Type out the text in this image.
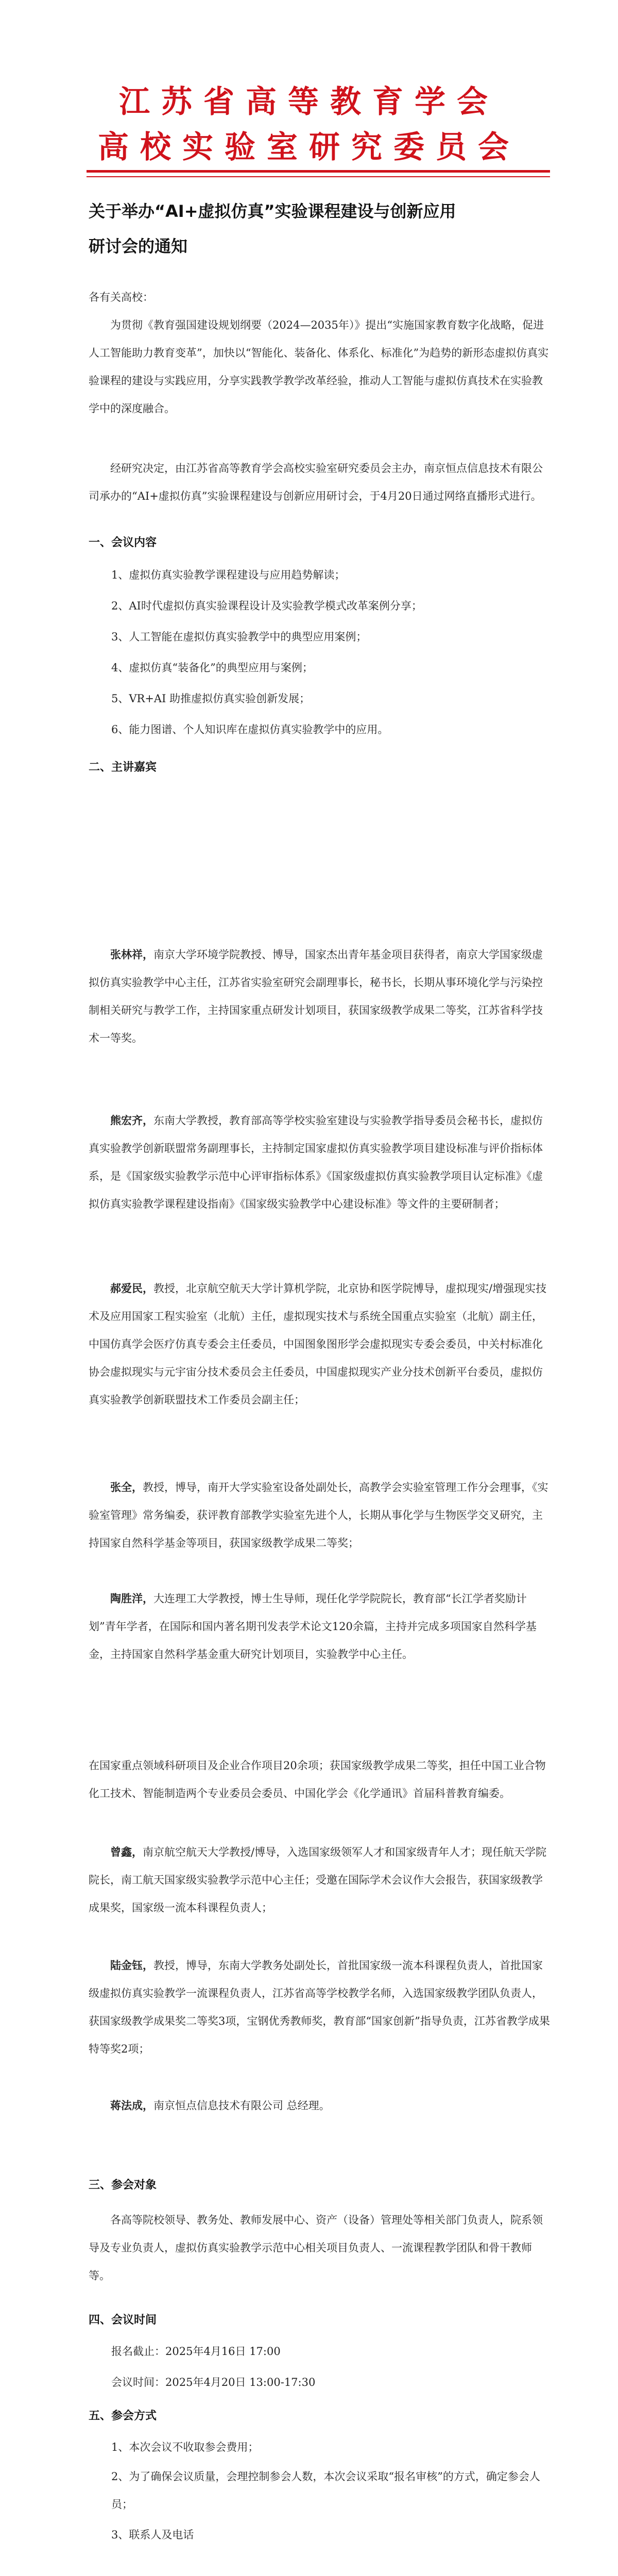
江苏省高等教育学会
高校实验室研究委员会
关于举办“AI+虚拟仿真”实验课程建设与创新应用
研讨会的通知
各有关高校：
为贯彻《教育强国建设规划纲要（2024—2035年）》提出“实施国家教育数字化战略，促进人工智能助力教育变革”，加快以“智能化、装备化、体系化、标准化”为趋势的新形态虚拟仿真实验课程的建设与实践应用，分享实践教学教学改革经验，推动人工智能与虚拟仿真技术在实验教学中的深度融合。
经研究决定，由江苏省高等教育学会高校实验室研究委员会主办，南京恒点信息技术有限公司承办的“AI+虚拟仿真”实验课程建设与创新应用研讨会，于4月20日通过网络直播形式进行。
一、会议内容
1、虚拟仿真实验教学课程建设与应用趋势解读；
2、AI时代虚拟仿真实验课程设计及实验教学模式改革案例分享；
3、人工智能在虚拟仿真实验教学中的典型应用案例；
4、虚拟仿真“装备化”的典型应用与案例；
5、VR+AI 助推虚拟仿真实验创新发展；
6、能力图谱、个人知识库在虚拟仿真实验教学中的应用。
二、主讲嘉宾
张林祥，南京大学环境学院教授、博导，国家杰出青年基金项目获得者，南京大学国家级虚拟仿真实验教学中心主任，江苏省实验室研究会副理事长，秘书长，长期从事环境化学与污染控制相关研究与教学工作，主持国家重点研发计划项目，获国家级教学成果二等奖，江苏省科学技术一等奖。
熊宏齐，东南大学教授，教育部高等学校实验室建设与实验教学指导委员会秘书长，虚拟仿真实验教学创新联盟常务副理事长，主持制定国家虚拟仿真实验教学项目建设标准与评价指标体系，是《国家级实验教学示范中心评审指标体系》《国家级虚拟仿真实验教学项目认定标准》《虚拟仿真实验教学课程建设指南》《国家级实验教学中心建设标准》等文件的主要研制者；
郝爱民，教授，北京航空航天大学计算机学院，北京协和医学院博导，虚拟现实/增强现实技术及应用国家工程实验室（北航）主任，虚拟现实技术与系统全国重点实验室（北航）副主任，中国仿真学会医疗仿真专委会主任委员，中国图象图形学会虚拟现实专委会委员，中关村标准化协会虚拟现实与元宇宙分技术委员会主任委员，中国虚拟现实产业分技术创新平台委员，虚拟仿真实验教学创新联盟技术工作委员会副主任；
张全，教授，博导，南开大学实验室设备处副处长，高教学会实验室管理工作分会理事，《实验室管理》常务编委，获评教育部教学实验室先进个人，长期从事化学与生物医学交叉研究，主持国家自然科学基金等项目，获国家级教学成果二等奖；
陶胜洋，大连理工大学教授，博士生导师，现任化学学院院长，教育部“长江学者奖励计划”青年学者，在国际和国内著名期刊发表学术论文120余篇，主持并完成多项国家自然科学基金，主持国家自然科学基金重大研究计划项目，实验教学中心主任。
在国家重点领域科研项目及企业合作项目20余项；获国家级教学成果二等奖，担任中国工业合物化工技术、智能制造两个专业委员会委员、中国化学会《化学通讯》首届科普教育编委。
曾鑫，南京航空航天大学教授/博导，入选国家级领军人才和国家级青年人才；现任航天学院院长，南工航天国家级实验教学示范中心主任；受邀在国际学术会议作大会报告，获国家级教学成果奖，国家级一流本科课程负责人；
陆金钰，教授，博导，东南大学教务处副处长，首批国家级一流本科课程负责人，首批国家级虚拟仿真实验教学一流课程负责人，江苏省高等学校教学名师，入选国家级教学团队负责人，获国家级教学成果奖二等奖3项，宝钢优秀教师奖，教育部“国家创新”指导负责，江苏省教学成果特等奖2项；
蒋法成，南京恒点信息技术有限公司 总经理。
三、参会对象
各高等院校领导、教务处、教师发展中心、资产（设备）管理处等相关部门负责人，院系领导及专业负责人，虚拟仿真实验教学示范中心相关项目负责人、一流课程教学团队和骨干教师等。
四、会议时间
报名截止：2025年4月16日 17:00
会议时间：2025年4月20日 13:00-17:30
五、参会方式
1、本次会议不收取参会费用；
2、为了确保会议质量，会理控制参会人数，本次会议采取“报名审核”的方式，确定参会人员；
3、联系人及电话
